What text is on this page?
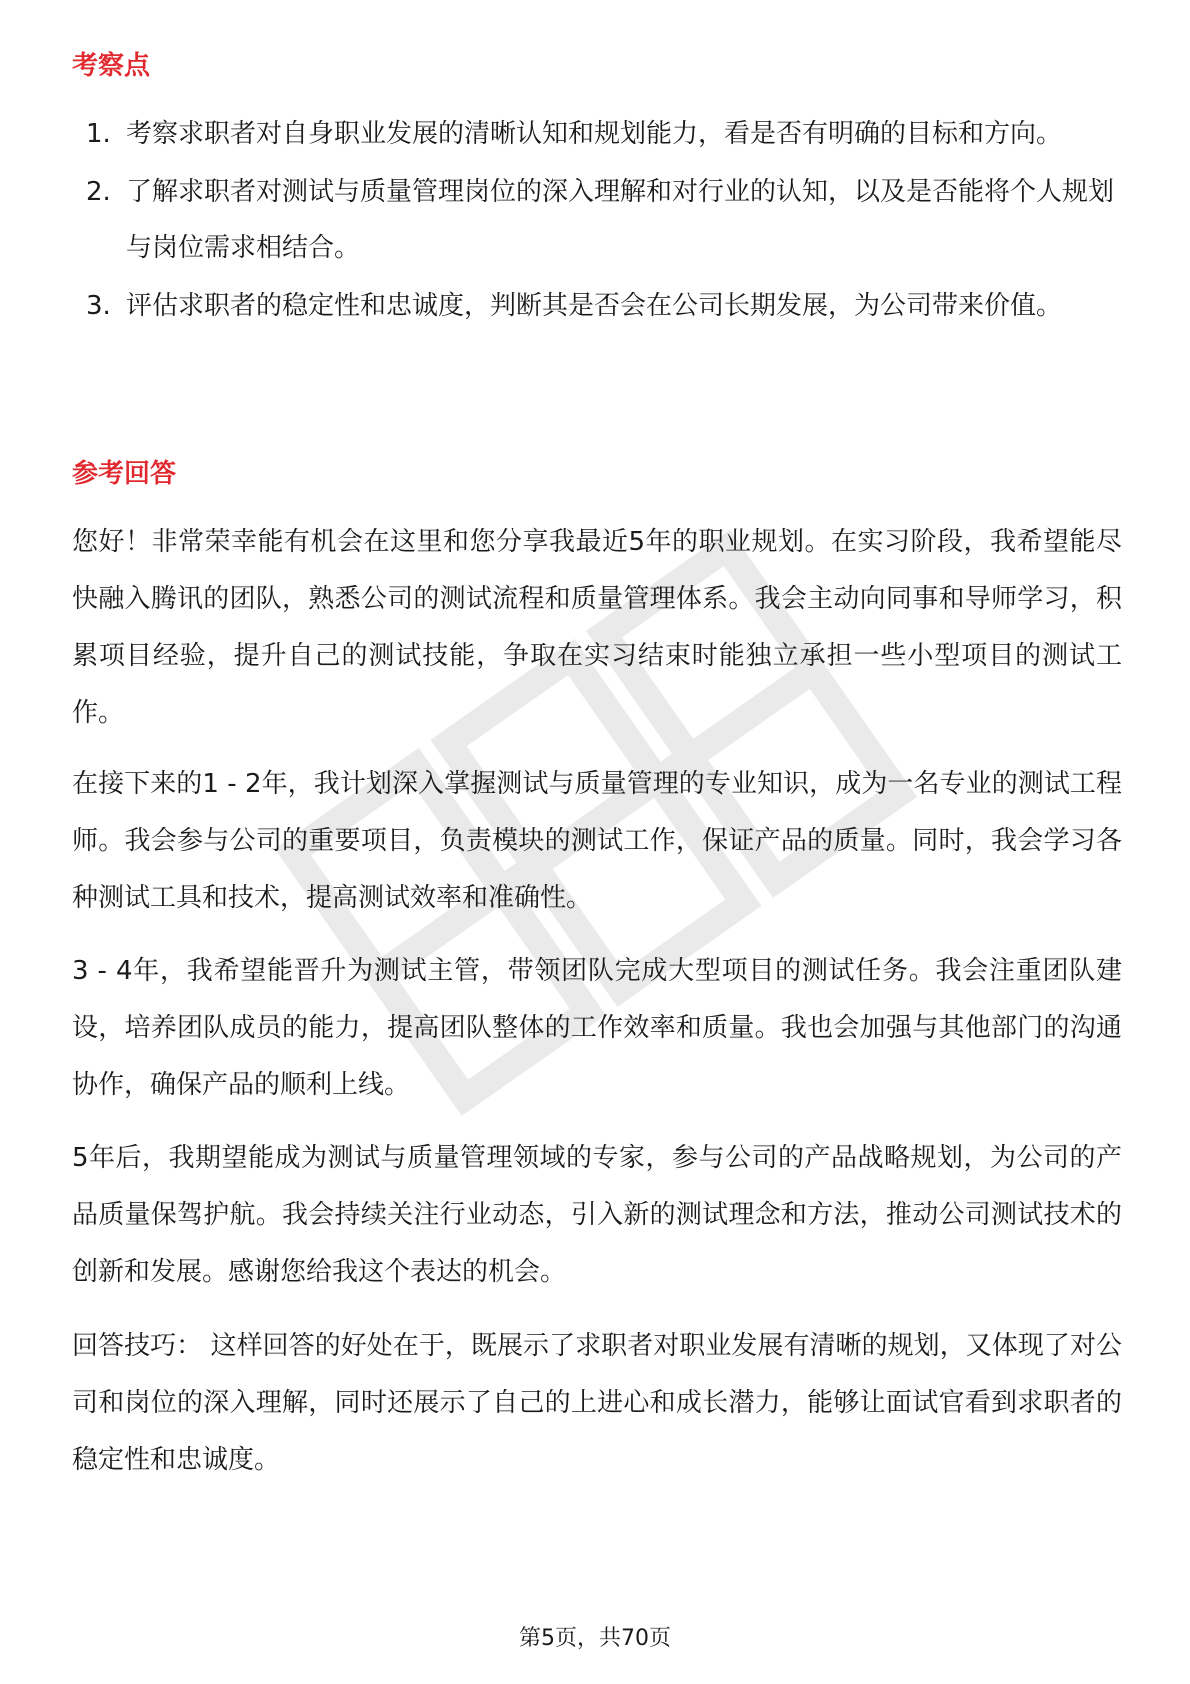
考察点
1. 考察求职者对自身职业发展的清晰认知和规划能力，看是否有明确的目标和方向。
2. 了解求职者对测试与质量管理岗位的深入理解和对行业的认知，以及是否能将个人规划与岗位需求相结合。
3. 评估求职者的稳定性和忠诚度，判断其是否会在公司长期发展，为公司带来价值。
参考回答

您好！非常荣幸能有机会在这里和您分享我最近5年的职业规划。在实习阶段，我希望能尽快融入腾讯的团队，熟悉公司的测试流程和质量管理体系。我会主动向同事和导师学习，积累项目经验，提升自己的测试技能，争取在实习结束时能独立承担一些小型项目的测试工作。

在接下来的1 - 2年，我计划深入掌握测试与质量管理的专业知识，成为一名专业的测试工程师。我会参与公司的重要项目，负责模块的测试工作，保证产品的质量。同时，我会学习各种测试工具和技术，提高测试效率和准确性。

3 - 4年，我希望能晋升为测试主管，带领团队完成大型项目的测试任务。我会注重团队建设，培养团队成员的能力，提高团队整体的工作效率和质量。我也会加强与其他部门的沟通协作，确保产品的顺利上线。

5年后，我期望能成为测试与质量管理领域的专家，参与公司的产品战略规划，为公司的产品质量保驾护航。我会持续关注行业动态，引入新的测试理念和方法，推动公司测试技术的创新和发展。感谢您给我这个表达的机会。

回答技巧： 这样回答的好处在于，既展示了求职者对职业发展有清晰的规划，又体现了对公司和岗位的深入理解，同时还展示了自己的上进心和成长潜力，能够让面试官看到求职者的稳定性和忠诚度。

第5页，共70页
